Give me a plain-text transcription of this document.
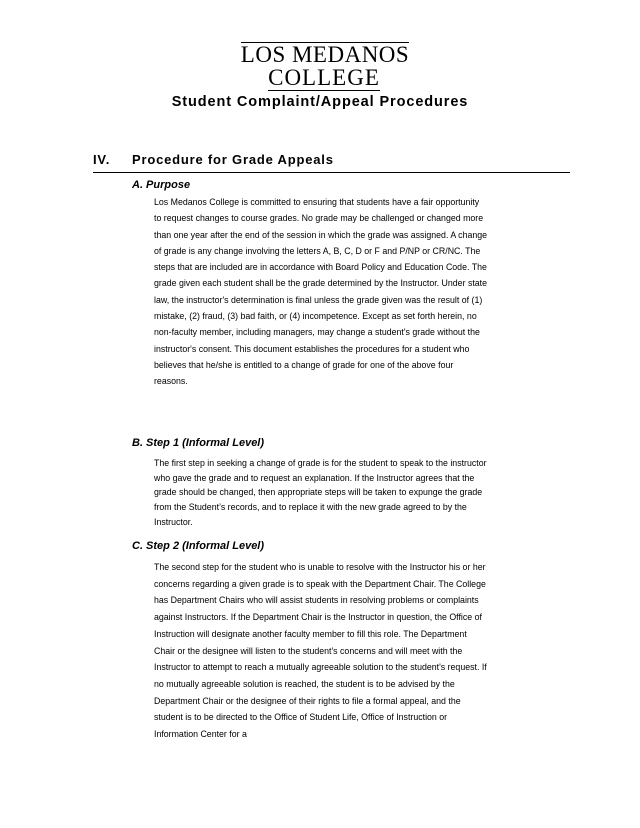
LOS MEDANOS
COLLEGE
Student Complaint/Appeal Procedures
IV. Procedure for Grade Appeals
A. Purpose

Los Medanos College is committed to ensuring that students have a fair opportunity to request changes to course grades. No grade may be challenged or changed more than one year after the end of the session in which the grade was assigned. A change of grade is any change involving the letters A, B, C, D or F and P/NP or CR/NC. The steps that are included are in accordance with Board Policy and Education Code. The grade given each student shall be the grade determined by the Instructor. Under state law, the instructor's determination is final unless the grade given was the result of (1) mistake, (2) fraud, (3) bad faith, or (4) incompetence. Except as set forth herein, no non-faculty member, including managers, may change a student's grade without the instructor's consent. This document establishes the procedures for a student who believes that he/she is entitled to a change of grade for one of the above four reasons.

B. Step 1 (Informal Level)

The first step in seeking a change of grade is for the student to speak to the instructor who gave the grade and to request an explanation. If the Instructor agrees that the grade should be changed, then appropriate steps will be taken to expunge the grade from the Student’s records, and to replace it with the new grade agreed to by the Instructor.

C. Step 2 (Informal Level)

The second step for the student who is unable to resolve with the Instructor his or her concerns regarding a given grade is to speak with the Department Chair. The College has Department Chairs who will assist students in resolving problems or complaints against Instructors. If the Department Chair is the Instructor in question, the Office of Instruction will designate another faculty member to fill this role. The Department Chair or the designee will listen to the student's concerns and will meet with the Instructor to attempt to reach a mutually agreeable solution to the student's request. If no mutually agreeable solution is reached, the student is to be advised by the Department Chair or the designee of their rights to file a formal appeal, and the student is to be directed to the Office of Student Life, Office of Instruction or Information Center for a
